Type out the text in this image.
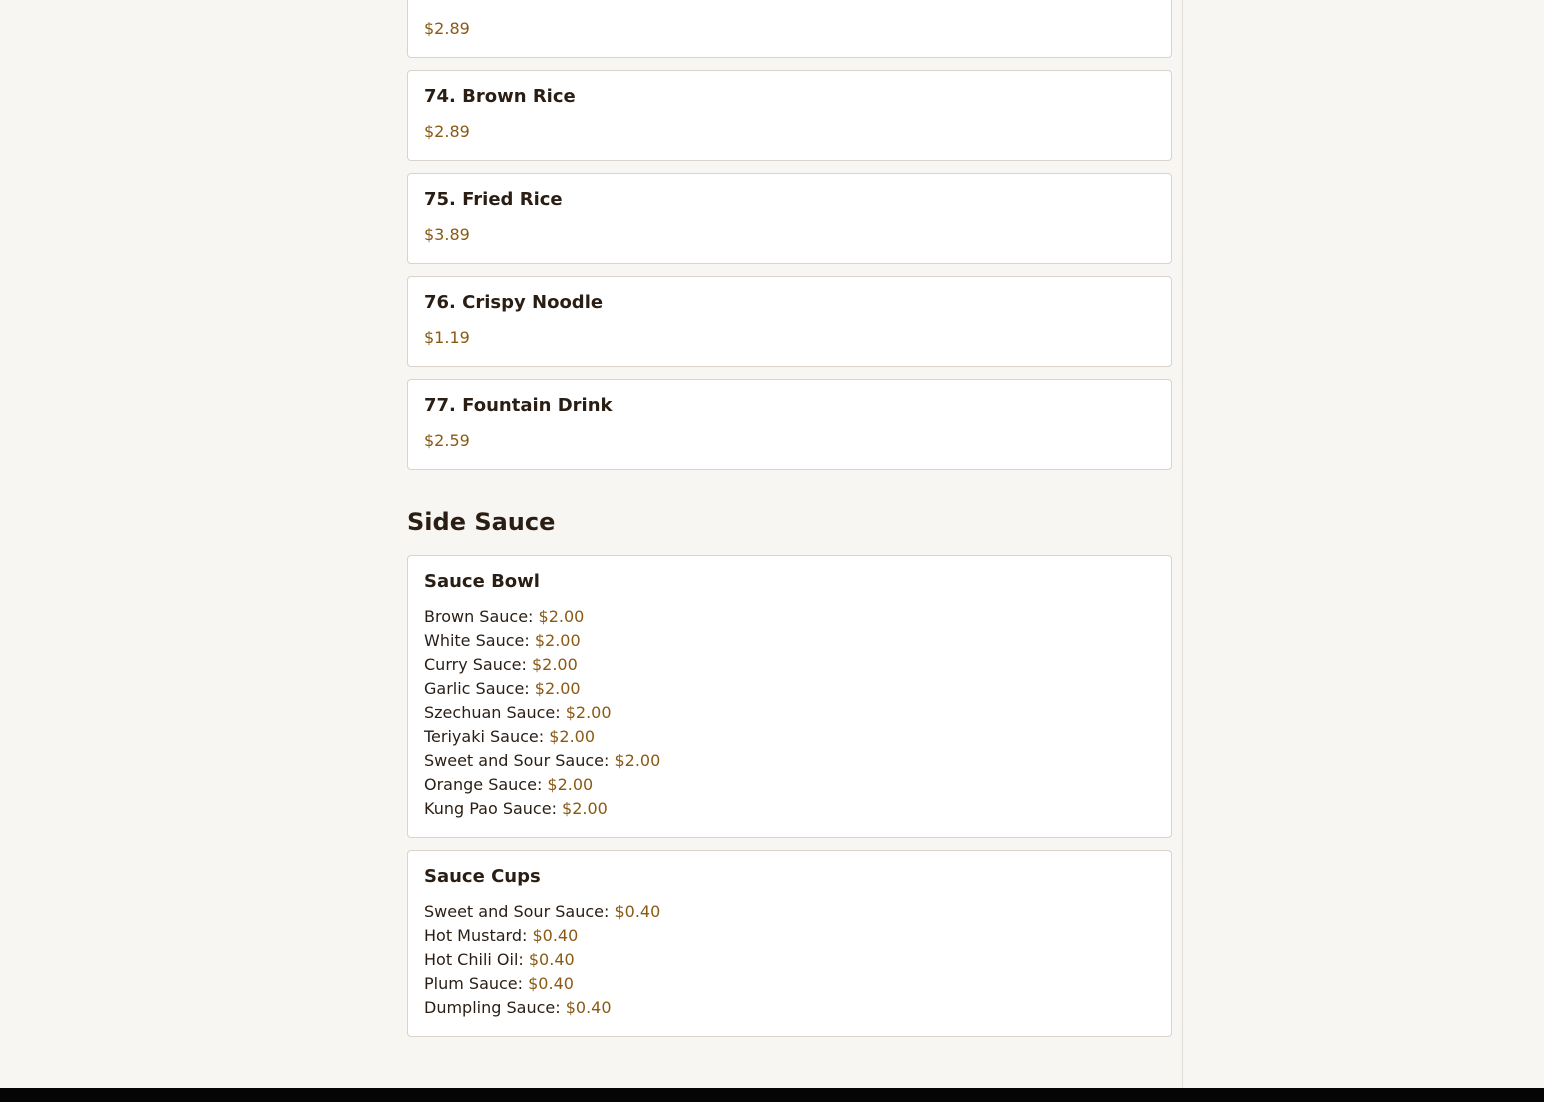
$2.89
74. Brown Rice
$2.89
75. Fried Rice
$3.89
76. Crispy Noodle
$1.19
77. Fountain Drink
$2.59
Side Sauce
Sauce Bowl
Brown Sauce: $2.00
White Sauce: $2.00
Curry Sauce: $2.00
Garlic Sauce: $2.00
Szechuan Sauce: $2.00
Teriyaki Sauce: $2.00
Sweet and Sour Sauce: $2.00
Orange Sauce: $2.00
Kung Pao Sauce: $2.00
Sauce Cups
Sweet and Sour Sauce: $0.40
Hot Mustard: $0.40
Hot Chili Oil: $0.40
Plum Sauce: $0.40
Dumpling Sauce: $0.40
